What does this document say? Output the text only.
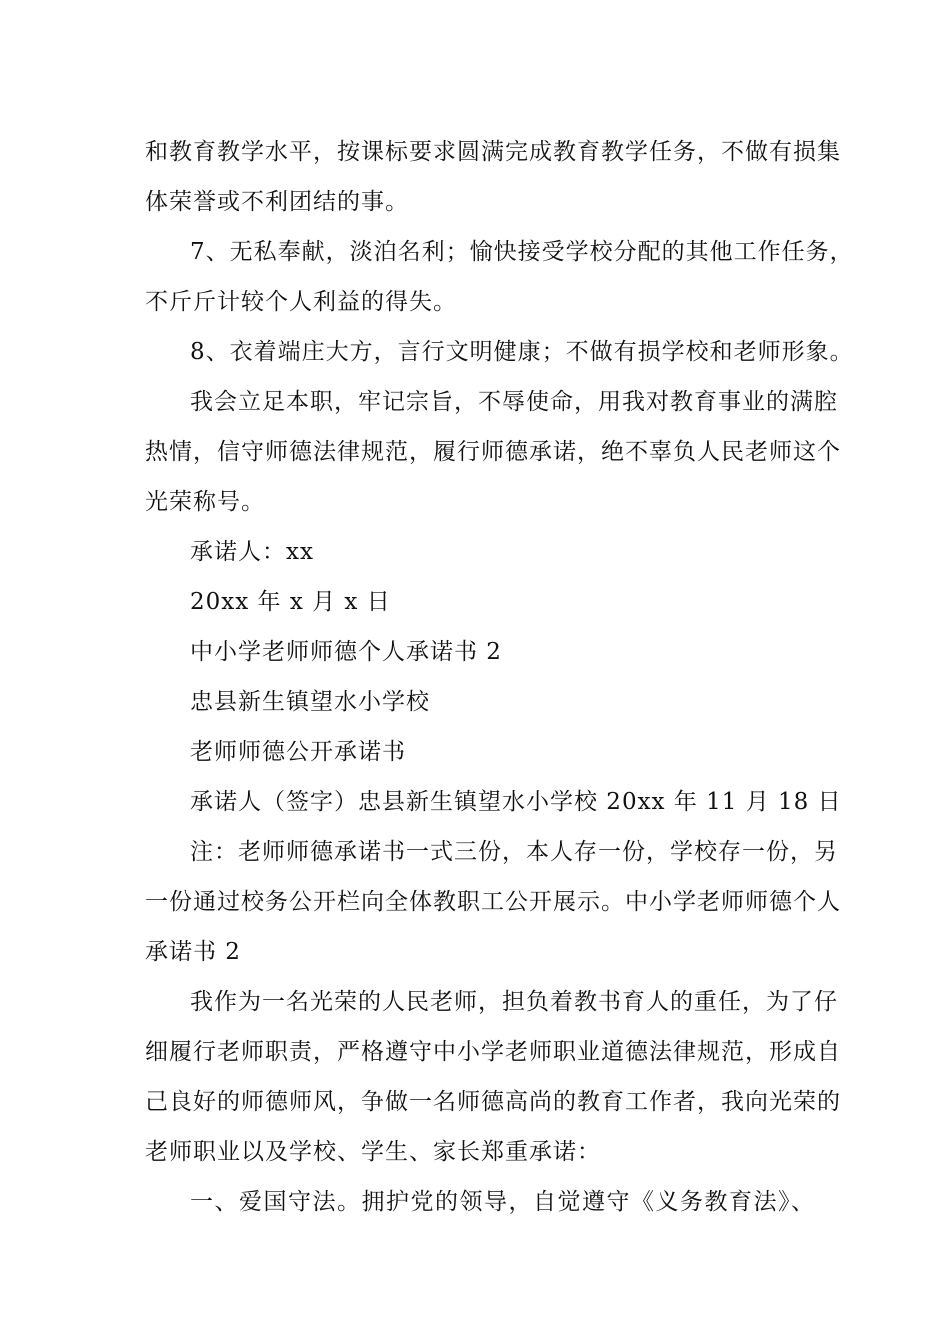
和教育教学水平，按课标要求圆满完成教育教学任务，不做有损集
体荣誉或不利团结的事。
7、无私奉献，淡泊名利；愉快接受学校分配的其他工作任务，
不斤斤计较个人利益的得失。
8、衣着端庄大方，言行文明健康；不做有损学校和老师形象。
我会立足本职，牢记宗旨，不辱使命，用我对教育事业的满腔
热情，信守师德法律规范，履行师德承诺，绝不辜负人民老师这个
光荣称号。
承诺人：xx
20xx 年 x 月 x 日
中小学老师师德个人承诺书 2
忠县新生镇望水小学校
老师师德公开承诺书
承诺人（签字）忠县新生镇望水小学校 20xx 年 11 月 18 日
注：老师师德承诺书一式三份，本人存一份，学校存一份，另
一份通过校务公开栏向全体教职工公开展示。中小学老师师德个人
承诺书 2
我作为一名光荣的人民老师，担负着教书育人的重任，为了仔
细履行老师职责，严格遵守中小学老师职业道德法律规范，形成自
己良好的师德师风，争做一名师德高尚的教育工作者，我向光荣的
老师职业以及学校、学生、家长郑重承诺：
一、爱国守法。拥护党的领导，自觉遵守《义务教育法》、
